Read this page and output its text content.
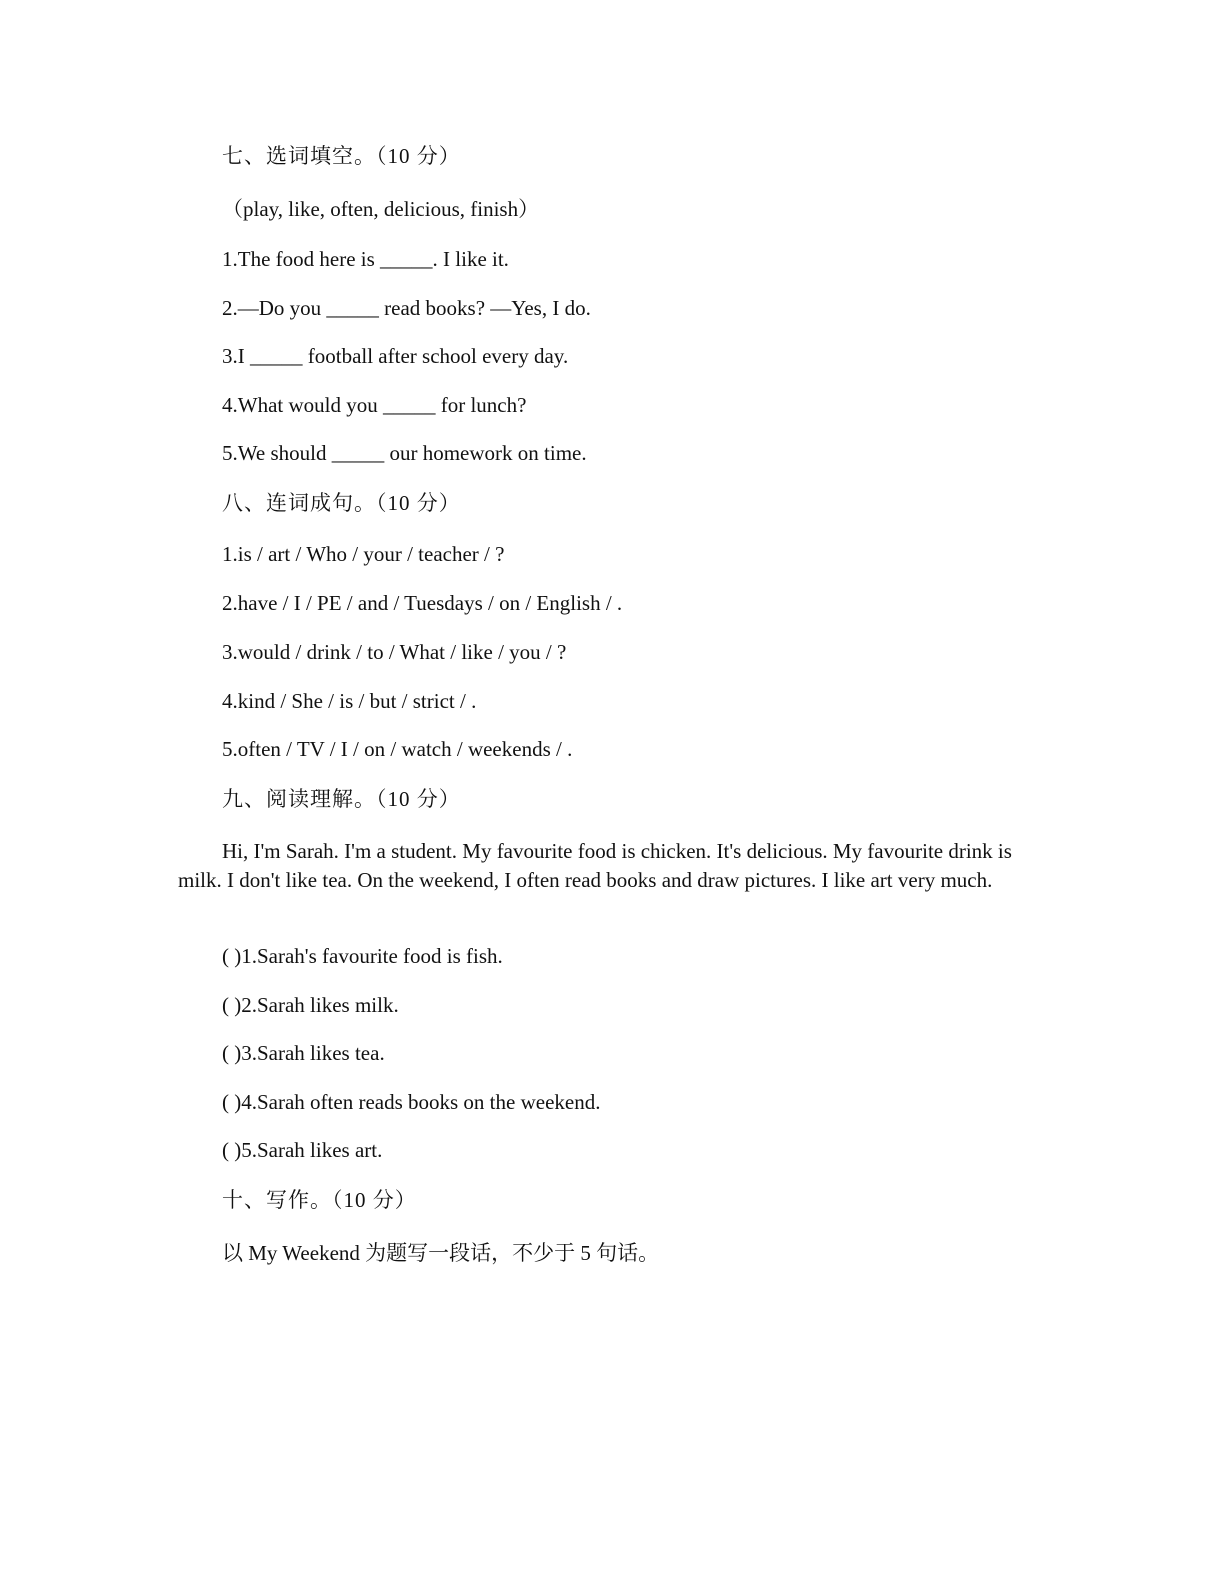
七、选词填空。（10 分）
（play, like, often, delicious, finish）
1.The food here is _____. I like it.
2.—Do you _____ read books? —Yes, I do.
3.I _____ football after school every day.
4.What would you _____ for lunch?
5.We should _____ our homework on time.
八、连词成句。（10 分）
1.is / art / Who / your / teacher / ?
2.have / I / PE / and / Tuesdays / on / English / .
3.would / drink / to / What / like / you / ?
4.kind / She / is / but / strict / .
5.often / TV / I / on / watch / weekends / .
九、阅读理解。（10 分）
Hi, I'm Sarah. I'm a student. My favourite food is chicken. It's delicious. My favourite drink is milk. I don't like tea. On the weekend, I often read books and draw pictures. I like art very much.
( )1.Sarah's favourite food is fish.
( )2.Sarah likes milk.
( )3.Sarah likes tea.
( )4.Sarah often reads books on the weekend.
( )5.Sarah likes art.
十、写作。（10 分）
以 My Weekend 为题写一段话，不少于 5 句话。
